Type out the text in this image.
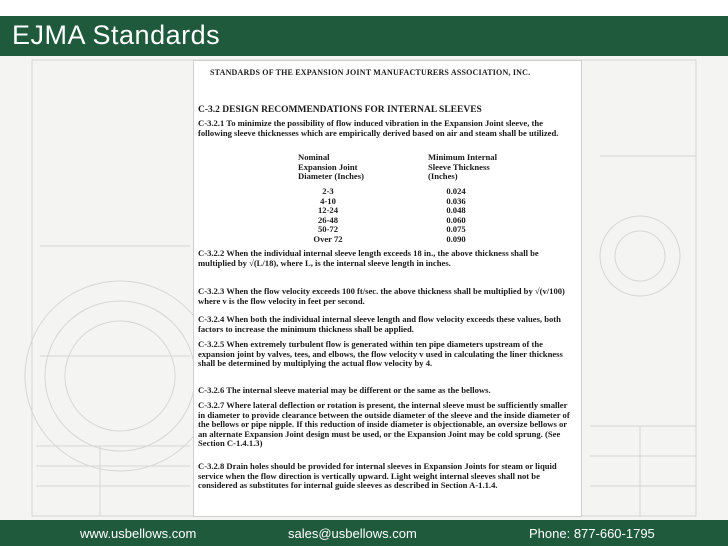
EJMA Standards
STANDARDS OF THE EXPANSION JOINT MANUFACTURERS ASSOCIATION, INC.
C-3.2 DESIGN RECOMMENDATIONS FOR INTERNAL SLEEVES
C-3.2.1 To minimize the possibility of flow induced vibration in the Expansion Joint sleeve, the following sleeve thicknesses which are empirically derived based on air and steam shall be utilized.
Nominal
Expansion Joint
Diameter (Inches)
Minimum Internal
Sleeve Thickness
(Inches)
2-3
4-10
12-24
26-48
50-72
Over 72
0.024
0.036
0.048
0.060
0.075
0.090
C-3.2.2 When the individual internal sleeve length exceeds 18 in., the above thickness shall be multiplied by √(L/18), where L, is the internal sleeve length in inches.
C-3.2.3 When the flow velocity exceeds 100 ft/sec. the above thickness shall be multiplied by √(v/100) where v is the flow velocity in feet per second.
C-3.2.4 When both the individual internal sleeve length and flow velocity exceeds these values, both factors to increase the minimum thickness shall be applied.
C-3.2.5 When extremely turbulent flow is generated within ten pipe diameters upstream of the expansion joint by valves, tees, and elbows, the flow velocity v used in calculating the liner thickness shall be determined by multiplying the actual flow velocity by 4.
C-3.2.6 The internal sleeve material may be different or the same as the bellows.
C-3.2.7 Where lateral deflection or rotation is present, the internal sleeve must be sufficiently smaller in diameter to provide clearance between the outside diameter of the sleeve and the inside diameter of the bellows or pipe nipple. If this reduction of inside diameter is objectionable, an oversize bellows or an alternate Expansion Joint design must be used, or the Expansion Joint may be cold sprung. (See Section C-1.4.1.3)
C-3.2.8 Drain holes should be provided for internal sleeves in Expansion Joints for steam or liquid service when the flow direction is vertically upward. Light weight internal sleeves shall not be considered as substitutes for internal guide sleeves as described in Section A-1.1.4.
www.usbellows.com	sales@usbellows.com	Phone: 877-660-1795
